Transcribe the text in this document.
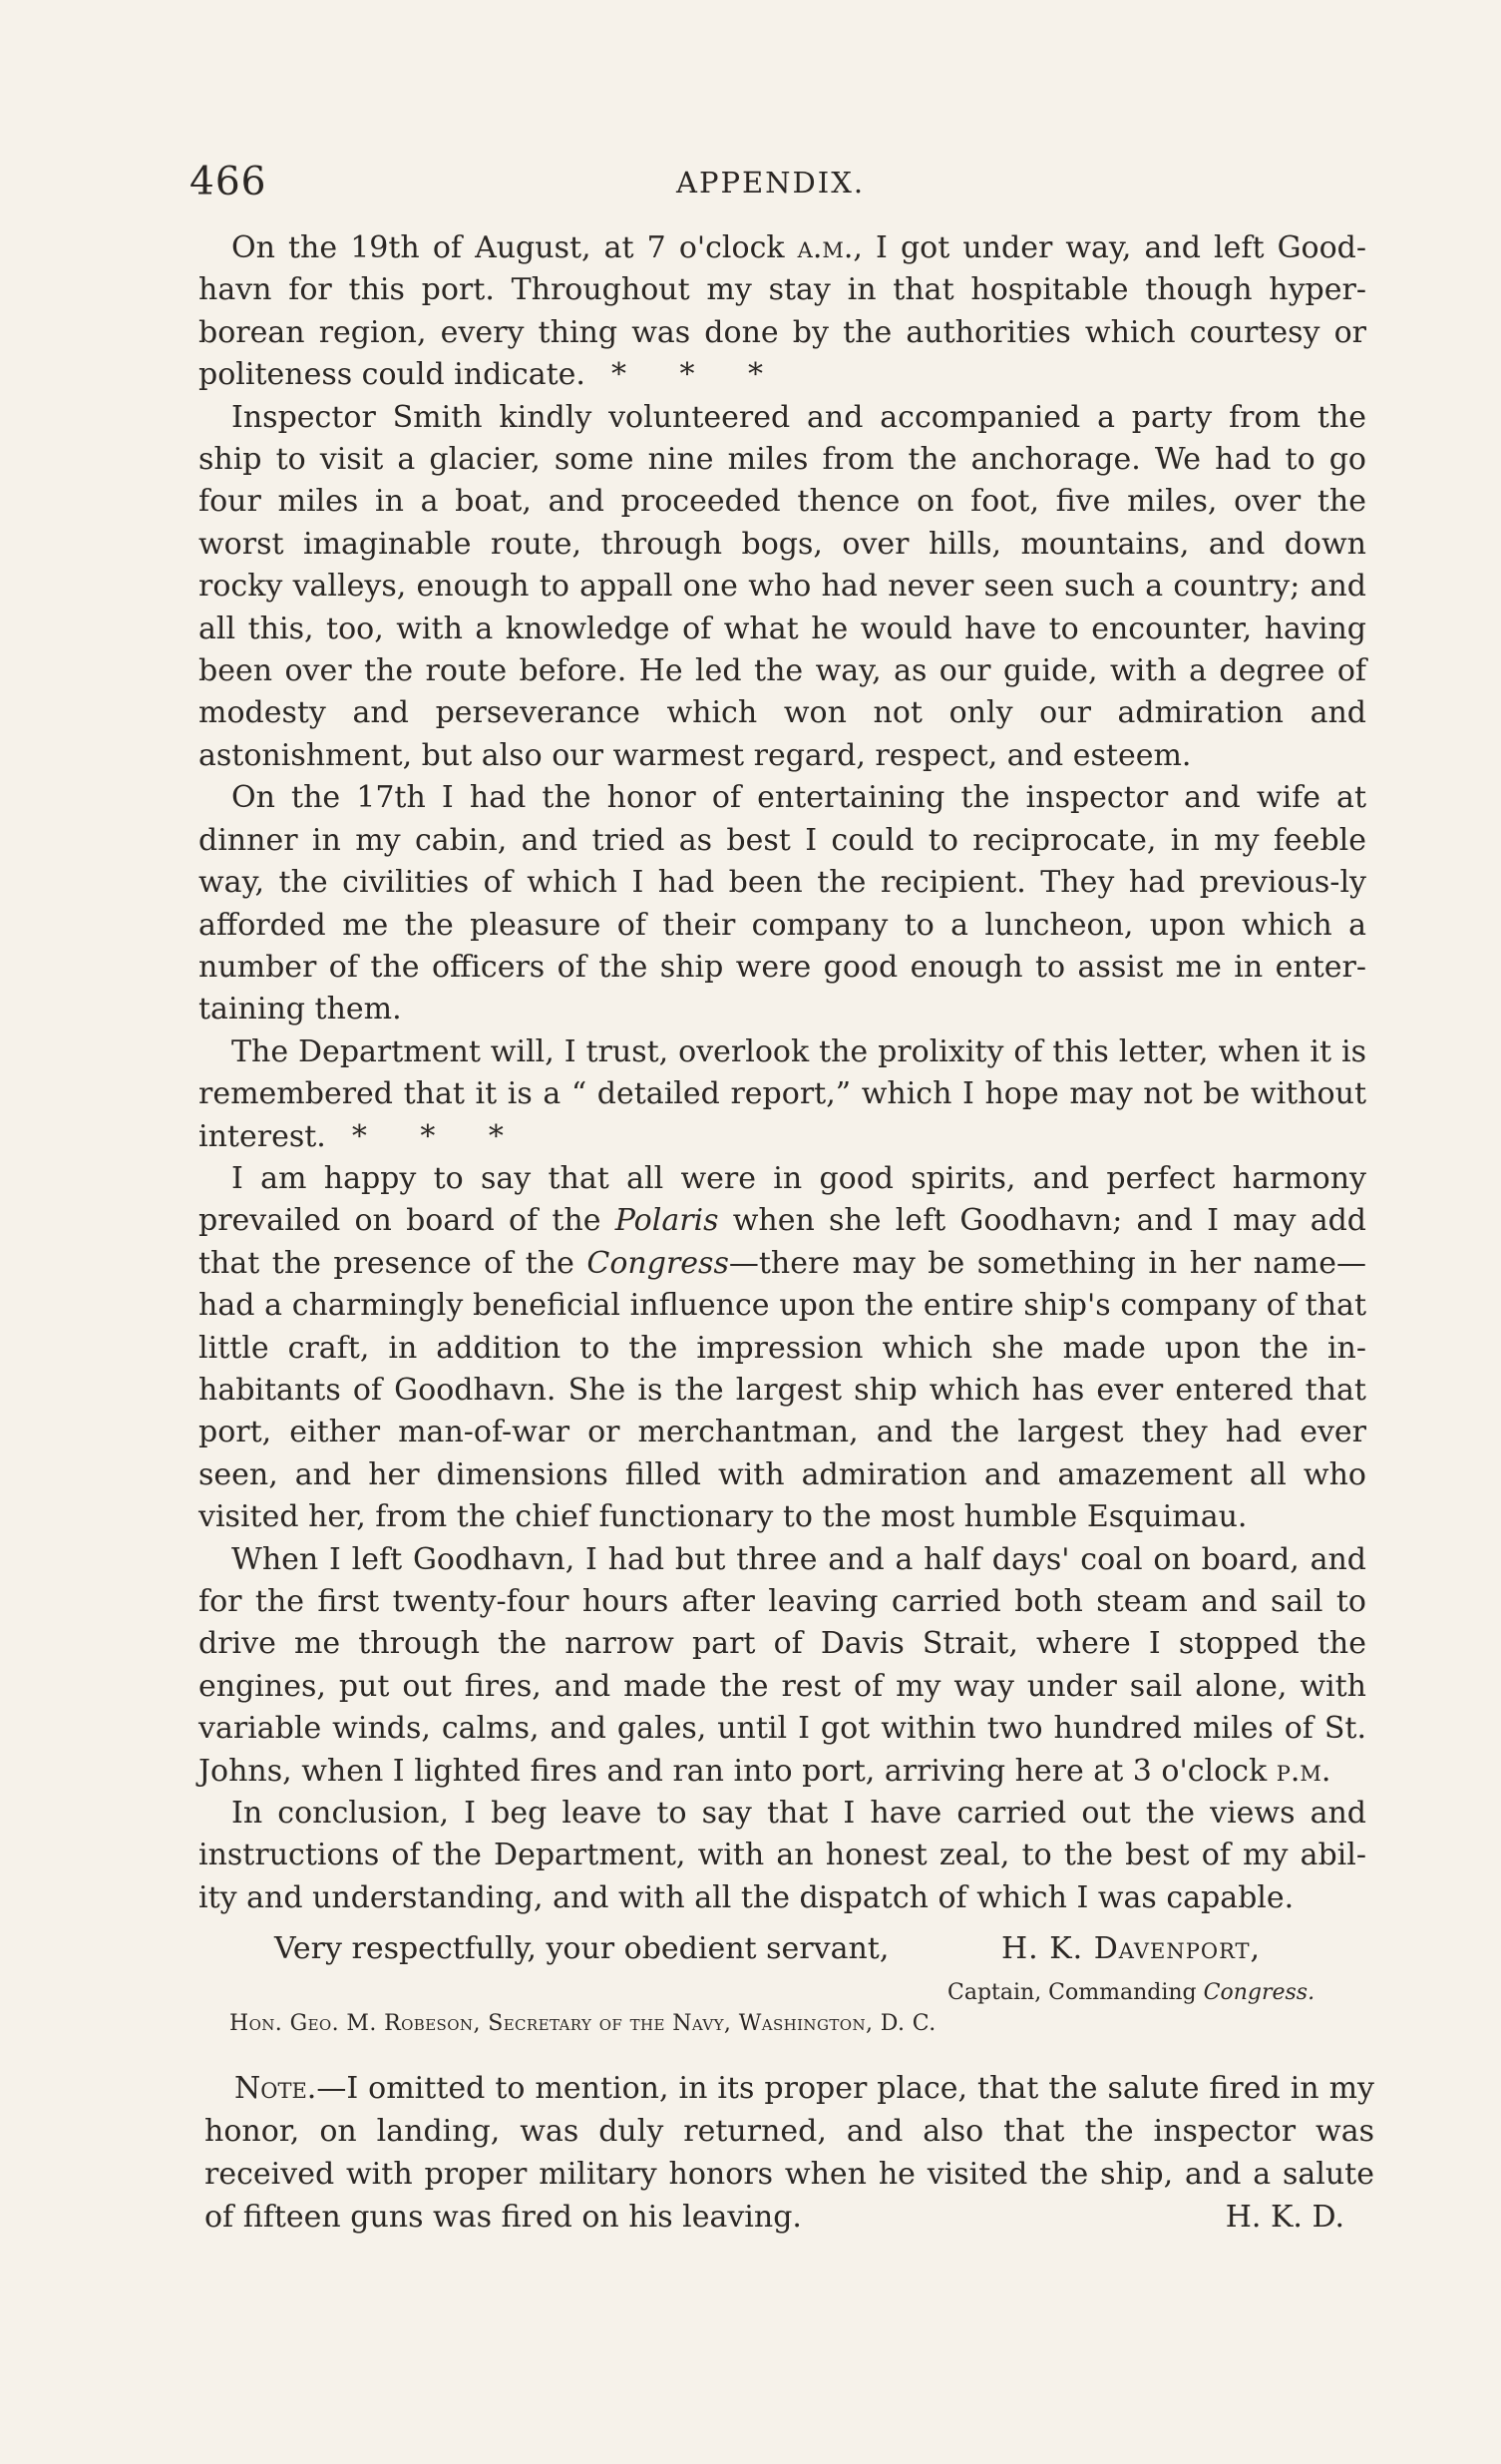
466	APPENDIX.

On the 19th of August, at 7 o'clock a.m., I got under way, and left Good-havn for this port. Throughout my stay in that hospitable though hyper-borean region, every thing was done by the authorities which courtesy or politeness could indicate. * * *

Inspector Smith kindly volunteered and accompanied a party from the ship to visit a glacier, some nine miles from the anchorage. We had to go four miles in a boat, and proceeded thence on foot, five miles, over the worst imaginable route, through bogs, over hills, mountains, and down rocky valleys, enough to appall one who had never seen such a country; and all this, too, with a knowledge of what he would have to encounter, having been over the route before. He led the way, as our guide, with a degree of modesty and perseverance which won not only our admiration and astonishment, but also our warmest regard, respect, and esteem.

On the 17th I had the honor of entertaining the inspector and wife at dinner in my cabin, and tried as best I could to reciprocate, in my feeble way, the civilities of which I had been the recipient. They had previous-ly afforded me the pleasure of their company to a luncheon, upon which a number of the officers of the ship were good enough to assist me in enter-taining them.

The Department will, I trust, overlook the prolixity of this letter, when it is remembered that it is a “ detailed report,” which I hope may not be without interest. * * *

I am happy to say that all were in good spirits, and perfect harmony prevailed on board of the Polaris when she left Goodhavn; and I may add that the presence of the Congress—there may be something in her name— had a charmingly beneficial influence upon the entire ship's company of that little craft, in addition to the impression which she made upon the in-habitants of Goodhavn. She is the largest ship which has ever entered that port, either man-of-war or merchantman, and the largest they had ever seen, and her dimensions filled with admiration and amazement all who visited her, from the chief functionary to the most humble Esquimau.

When I left Goodhavn, I had but three and a half days' coal on board, and for the first twenty-four hours after leaving carried both steam and sail to drive me through the narrow part of Davis Strait, where I stopped the engines, put out fires, and made the rest of my way under sail alone, with variable winds, calms, and gales, until I got within two hundred miles of St. Johns, when I lighted fires and ran into port, arriving here at 3 o'clock p.m.

In conclusion, I beg leave to say that I have carried out the views and instructions of the Department, with an honest zeal, to the best of my abil-ity and understanding, and with all the dispatch of which I was capable.

Very respectfully, your obedient servant,	H. K. Davenport,
Captain, Commanding Congress.
Hon. Geo. M. Robeson, Secretary of the Navy, Washington, D. C.

Note.—I omitted to mention, in its proper place, that the salute fired in my honor, on landing, was duly returned, and also that the inspector was received with proper military honors when he visited the ship, and a salute of fifteen guns was fired on his leaving.	H. K. D.
